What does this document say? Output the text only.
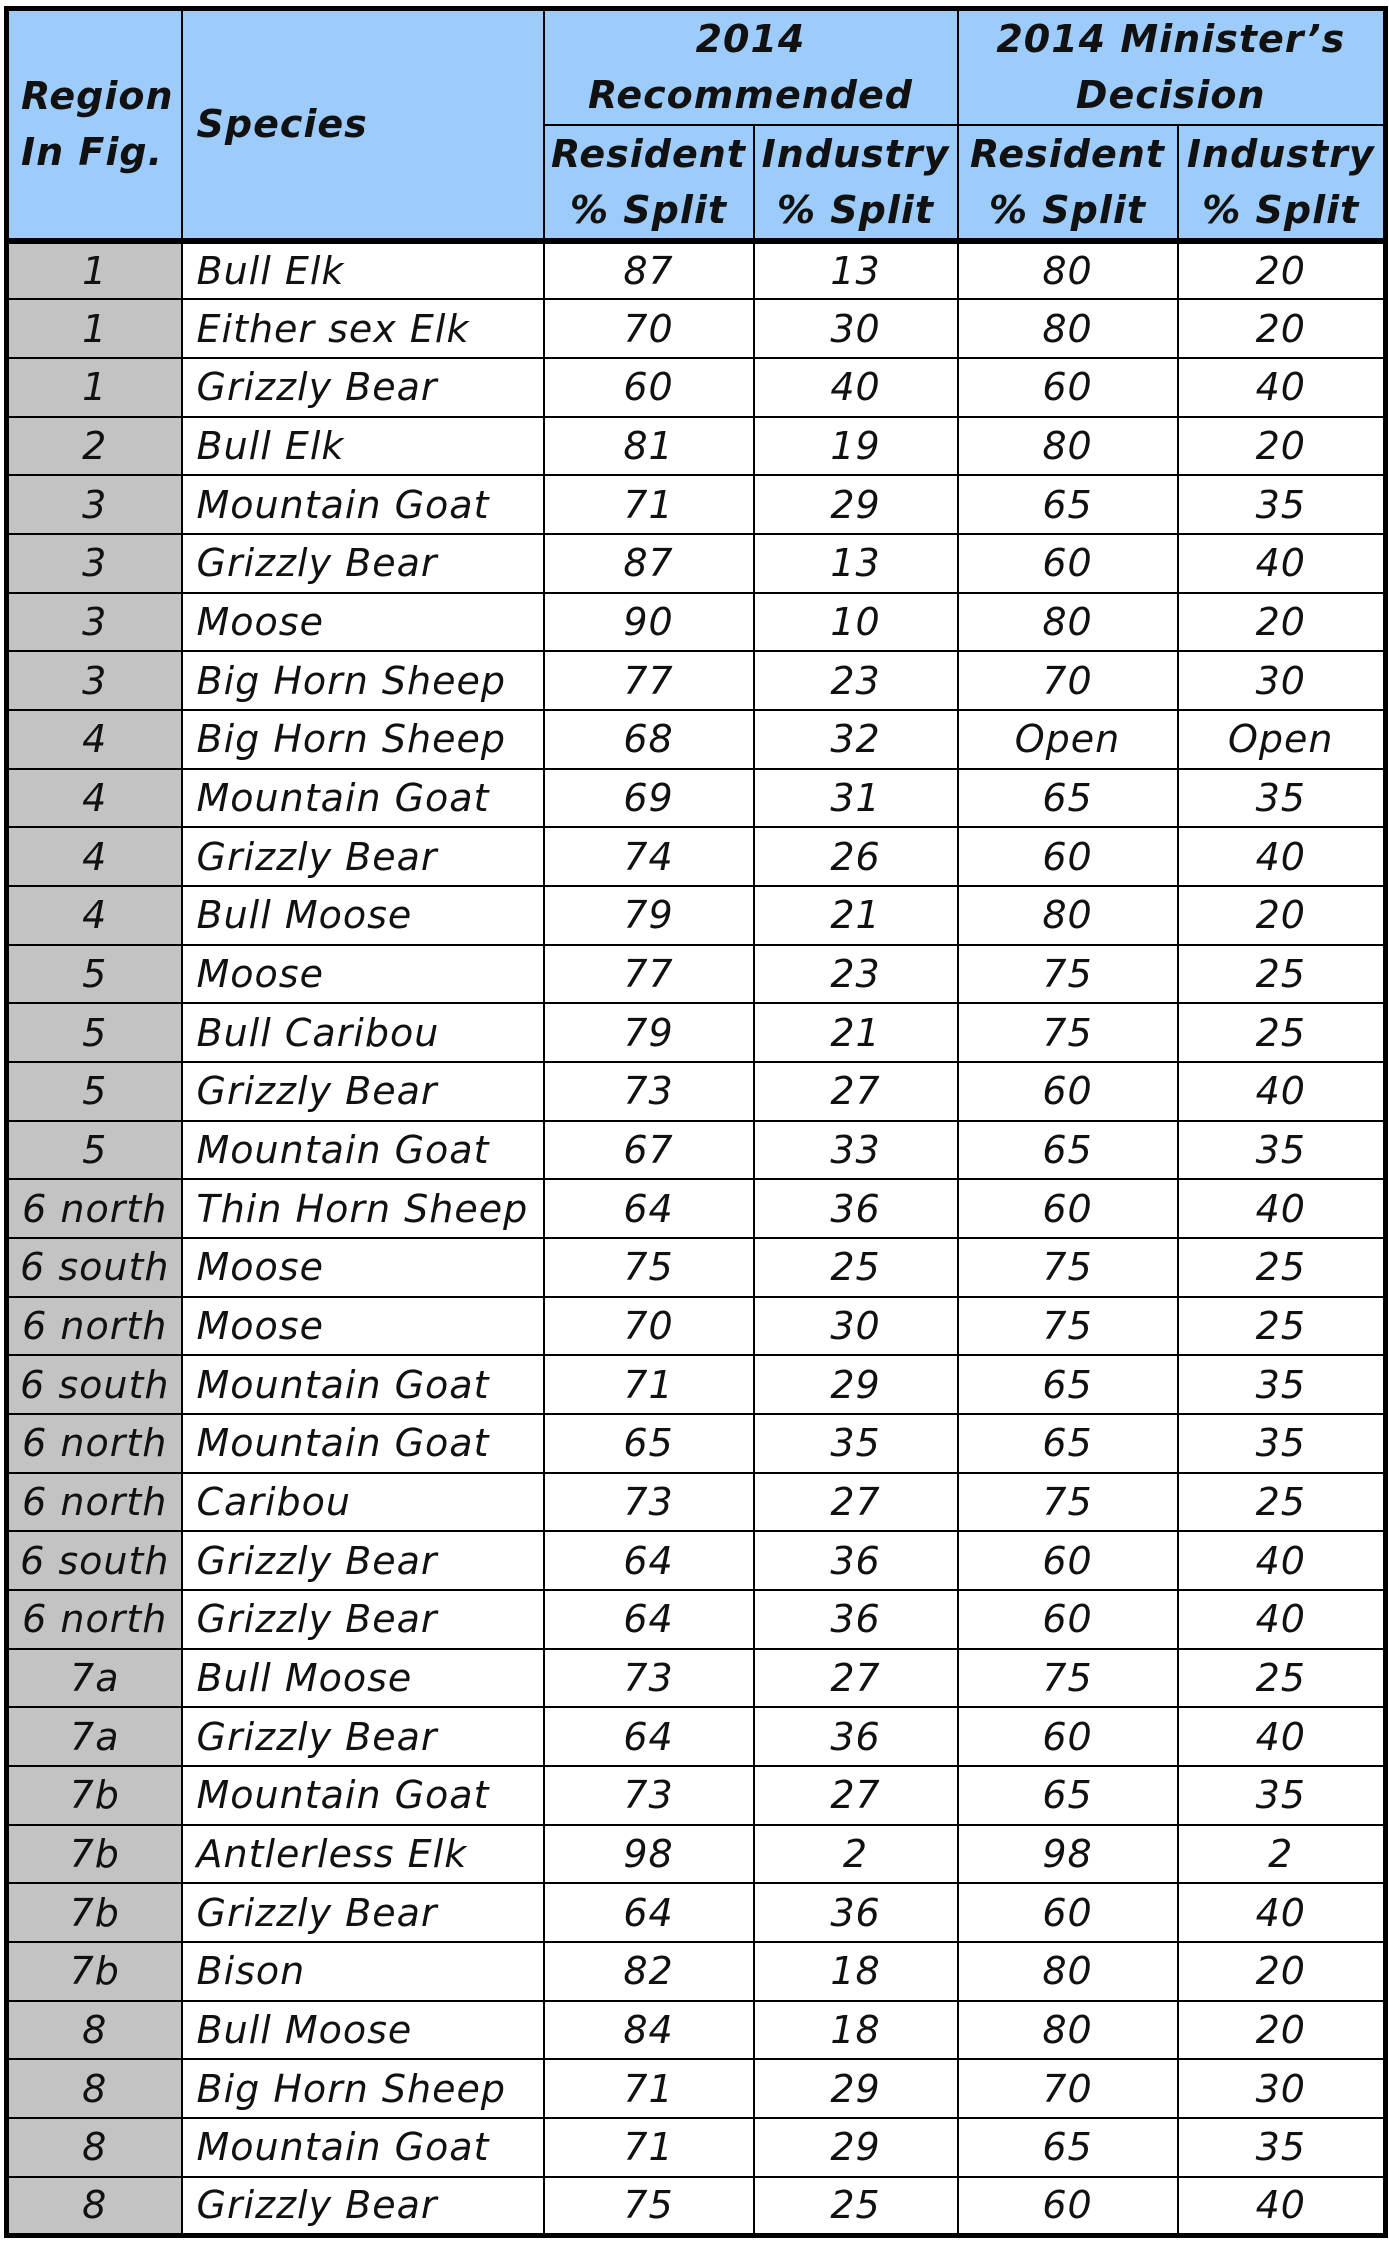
Region In Fig.	Species	2014 Recommended		2014 Minister’s Decision	
		Resident % Split	Industry % Split	Resident % Split	Industry % Split
1	Bull Elk	87	13	80	20
1	Either sex Elk	70	30	80	20
1	Grizzly Bear	60	40	60	40
2	Bull Elk	81	19	80	20
3	Mountain Goat	71	29	65	35
3	Grizzly Bear	87	13	60	40
3	Moose	90	10	80	20
3	Big Horn Sheep	77	23	70	30
4	Big Horn Sheep	68	32	Open	Open
4	Mountain Goat	69	31	65	35
4	Grizzly Bear	74	26	60	40
4	Bull Moose	79	21	80	20
5	Moose	77	23	75	25
5	Bull Caribou	79	21	75	25
5	Grizzly Bear	73	27	60	40
5	Mountain Goat	67	33	65	35
6 north	Thin Horn Sheep	64	36	60	40
6 south	Moose	75	25	75	25
6 north	Moose	70	30	75	25
6 south	Mountain Goat	71	29	65	35
6 north	Mountain Goat	65	35	65	35
6 north	Caribou	73	27	75	25
6 south	Grizzly Bear	64	36	60	40
6 north	Grizzly Bear	64	36	60	40
7a	Bull Moose	73	27	75	25
7a	Grizzly Bear	64	36	60	40
7b	Mountain Goat	73	27	65	35
7b	Antlerless Elk	98	2	98	2
7b	Grizzly Bear	64	36	60	40
7b	Bison	82	18	80	20
8	Bull Moose	84	18	80	20
8	Big Horn Sheep	71	29	70	30
8	Mountain Goat	71	29	65	35
8	Grizzly Bear	75	25	60	40
